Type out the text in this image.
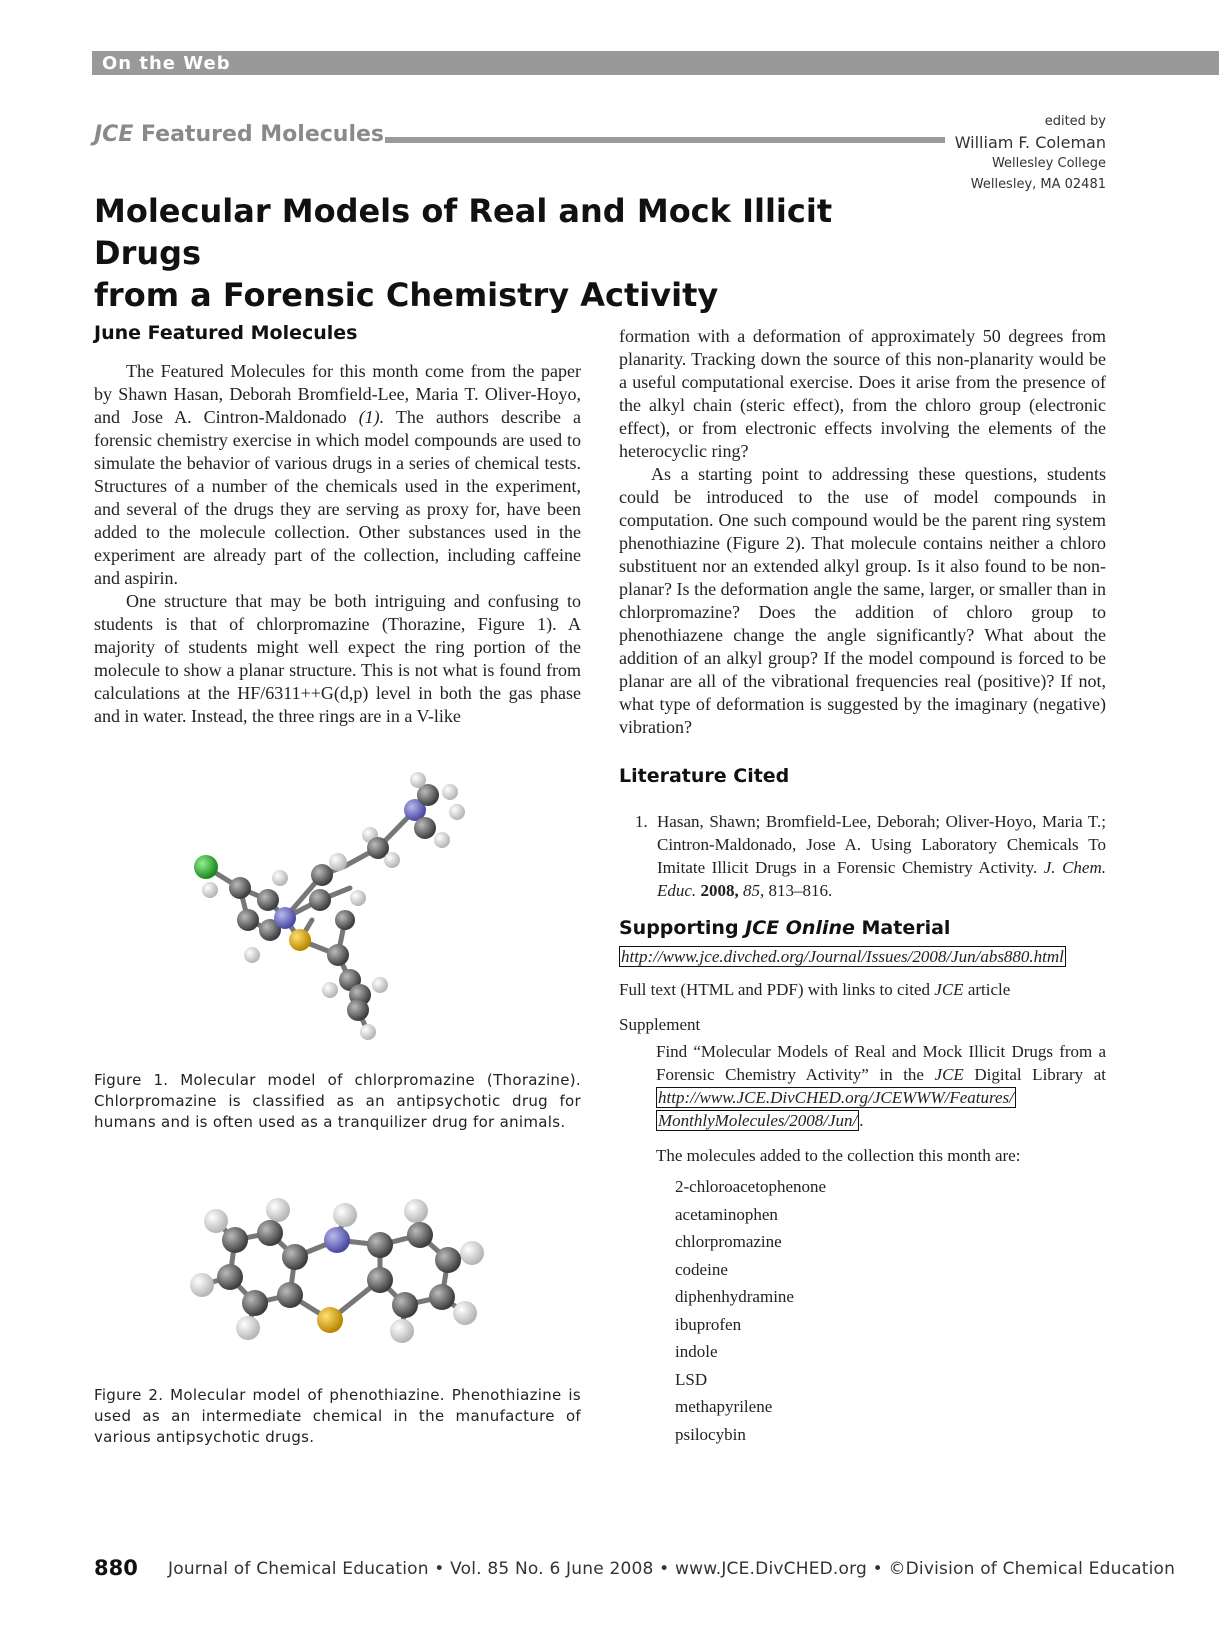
On the Web
JCE Featured Molecules
edited by
William F. Coleman
Wellesley College
Wellesley, MA 02481
Molecular Models of Real and Mock Illicit Drugs
from a Forensic Chemistry Activity
June Featured Molecules

The Featured Molecules for this month come from the paper by Shawn Hasan, Deborah Bromfield-Lee, Maria T. Oliver-Hoyo, and Jose A. Cintron-Maldonado (1). The authors describe a forensic chemistry exercise in which model compounds are used to simulate the behavior of various drugs in a series of chemical tests. Structures of a number of the chemicals used in the experiment, and several of the drugs they are serving as proxy for, have been added to the molecule collection. Other substances used in the experiment are already part of the collection, including caffeine and aspirin.

One structure that may be both intriguing and confusing to students is that of chlorpromazine (Thorazine, Figure 1). A majority of students might well expect the ring portion of the molecule to show a planar structure. This is not what is found from calculations at the HF/6311++G(d,p) level in both the gas phase and in water. Instead, the three rings are in a V-like

Figure 1. Molecular model of chlorpromazine (Thorazine). Chlorpromazine is classified as an antipsychotic drug for humans and is often used as a tranquilizer drug for animals.
Figure 2. Molecular model of phenothiazine. Phenothiazine is used as an intermediate chemical in the manufacture of various antipsychotic drugs.

formation with a deformation of approximately 50 degrees from planarity. Tracking down the source of this non-planarity would be a useful computational exercise. Does it arise from the presence of the alkyl chain (steric effect), from the chloro group (electronic effect), or from electronic effects involving the elements of the heterocyclic ring?

As a starting point to addressing these questions, students could be introduced to the use of model compounds in computation. One such compound would be the parent ring system phenothiazine (Figure 2). That molecule contains neither a chloro substituent nor an extended alkyl group. Is it also found to be non-planar? Is the deformation angle the same, larger, or smaller than in chlorpromazine? Does the addition of chloro group to phenothiazene change the angle significantly? What about the addition of an alkyl group? If the model compound is forced to be planar are all of the vibrational frequencies real (positive)? If not, what type of deformation is suggested by the imaginary (negative) vibration?

Literature Cited
1. Hasan, Shawn; Bromfield-Lee, Deborah; Oliver-Hoyo, Maria T.; Cintron-Maldonado, Jose A. Using Laboratory Chemicals To Imitate Illicit Drugs in a Forensic Chemistry Activity. J. Chem. Educ. 2008, 85, 813–816.
Supporting JCE Online Material
http://www.jce.divched.org/Journal/Issues/2008/Jun/abs880.html
Full text (HTML and PDF) with links to cited JCE article
Supplement
Find “Molecular Models of Real and Mock Illicit Drugs from a Forensic Chemistry Activity” in the JCE Digital Library at http://www.JCE.DivCHED.org/JCEWWW/Features/ MonthlyMolecules/2008/Jun/ .
The molecules added to the collection this month are:
2-chloroacetophenone
acetaminophen
chlorpromazine
codeine
diphenhydramine
ibuprofen
indole
LSD
methapyrilene
psilocybin
880 Journal of Chemical Education • Vol. 85 No. 6 June 2008 • www.JCE.DivCHED.org • ©Division of Chemical Education
